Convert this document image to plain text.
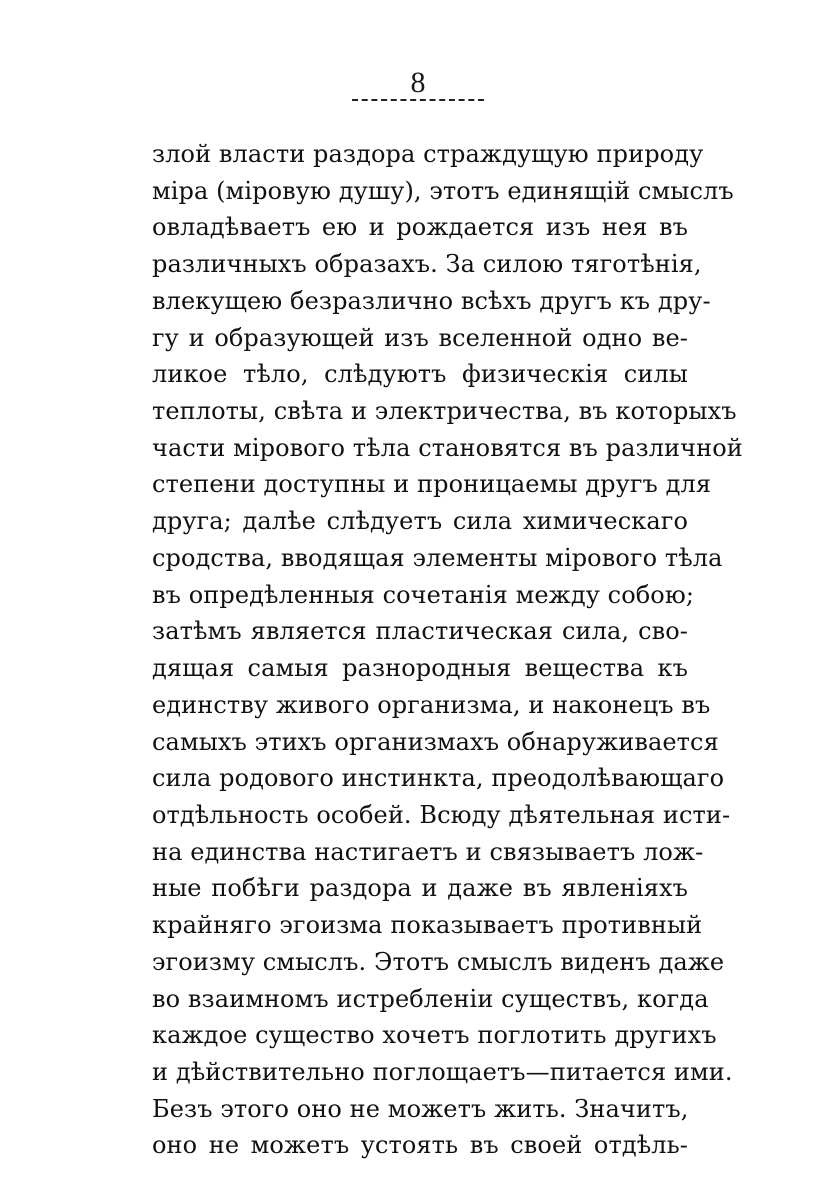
8
злой власти раздора страждущую природу
міра (міровую душу), этотъ единящій смыслъ
овладѣваетъ ею и рождается изъ нея въ
различныхъ образахъ. За силою тяготѣнія,
влекущею безразлично всѣхъ другъ къ дру-
гу и образующей изъ вселенной одно ве-
ликое тѣло, слѣдуютъ физическія силы
теплоты, свѣта и электричества, въ которыхъ
части мірового тѣла становятся въ различной
степени доступны и проницаемы другъ для
друга; далѣе слѣдуетъ сила химическаго
сродства, вводящая элементы мірового тѣла
въ опредѣленныя сочетанія между собою;
затѣмъ является пластическая сила, сво-
дящая самыя разнородныя вещества къ
единству живого организма, и наконецъ въ
самыхъ этихъ организмахъ обнаруживается
сила родового инстинкта, преодолѣвающаго
отдѣльность особей. Всюду дѣятельная исти-
на единства настигаетъ и связываетъ лож-
ные побѣги раздора и даже въ явленіяхъ
крайняго эгоизма показываетъ противный
эгоизму смыслъ. Этотъ смыслъ виденъ даже
во взаимномъ истребленіи существъ, когда
каждое существо хочетъ поглотить другихъ
и дѣйствительно поглощаетъ—питается ими.
Безъ этого оно не можетъ жить. Значитъ,
оно не можетъ устоять въ своей отдѣль-
